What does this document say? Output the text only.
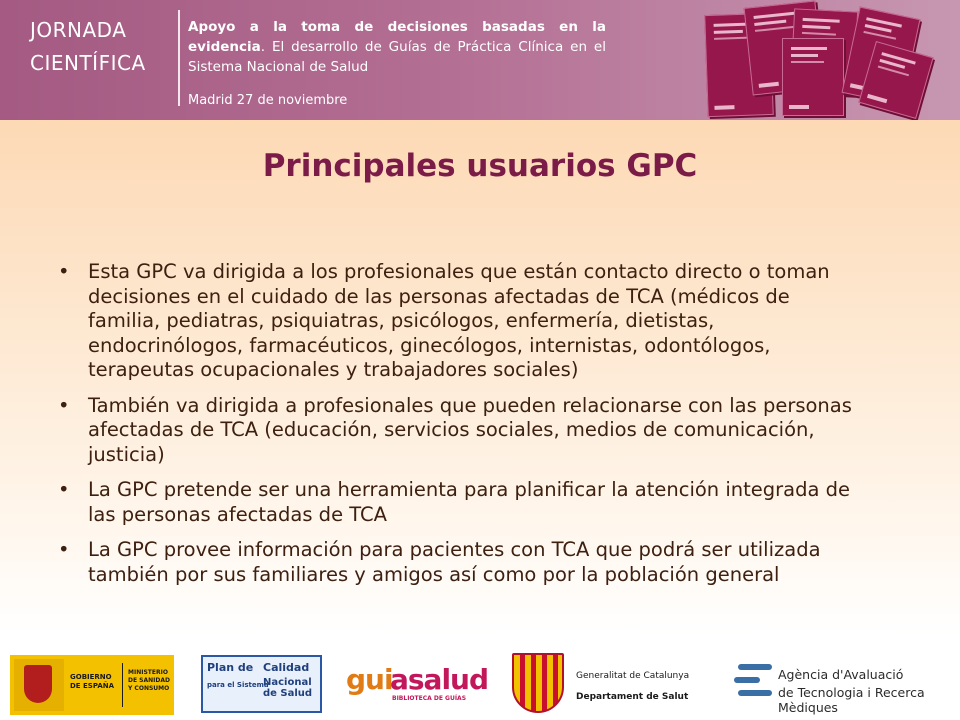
JORNADA
CIENTÍFICA
Apoyo a la toma de decisiones basadas en la evidencia. El desarrollo de Guías de Práctica Clínica en el Sistema Nacional de Salud
Madrid 27 de noviembre
Principales usuarios GPC
• Esta GPC va dirigida a los profesionales que están contacto directo o toman decisiones en el cuidado de las personas afectadas de TCA (médicos de familia, pediatras, psiquiatras, psicólogos, enfermería, dietistas, endocrinólogos, farmacéuticos, ginecólogos, internistas, odontólogos, terapeutas ocupacionales y trabajadores sociales)
• También va dirigida a profesionales que pueden relacionarse con las personas afectadas de TCA (educación, servicios sociales, medios de comunicación, justicia)
• La GPC pretende ser una herramienta para planificar la atención integrada de las personas afectadas de TCA
• La GPC provee información para pacientes con TCA que podrá ser utilizada también por sus familiares y amigos así como por la población general
GOBIERNO
DE ESPAÑA
MINISTERIO
DE SANIDAD
Y CONSUMO
Plan de Calidad
para el Sistema
Nacional de Salud gui
asalud
BIBLIOTECA DE GUÍAS
Generalitat de Catalunya
Departament de Salut
Agència d'Avaluació
de Tecnologia i Recerca Mèdiques
